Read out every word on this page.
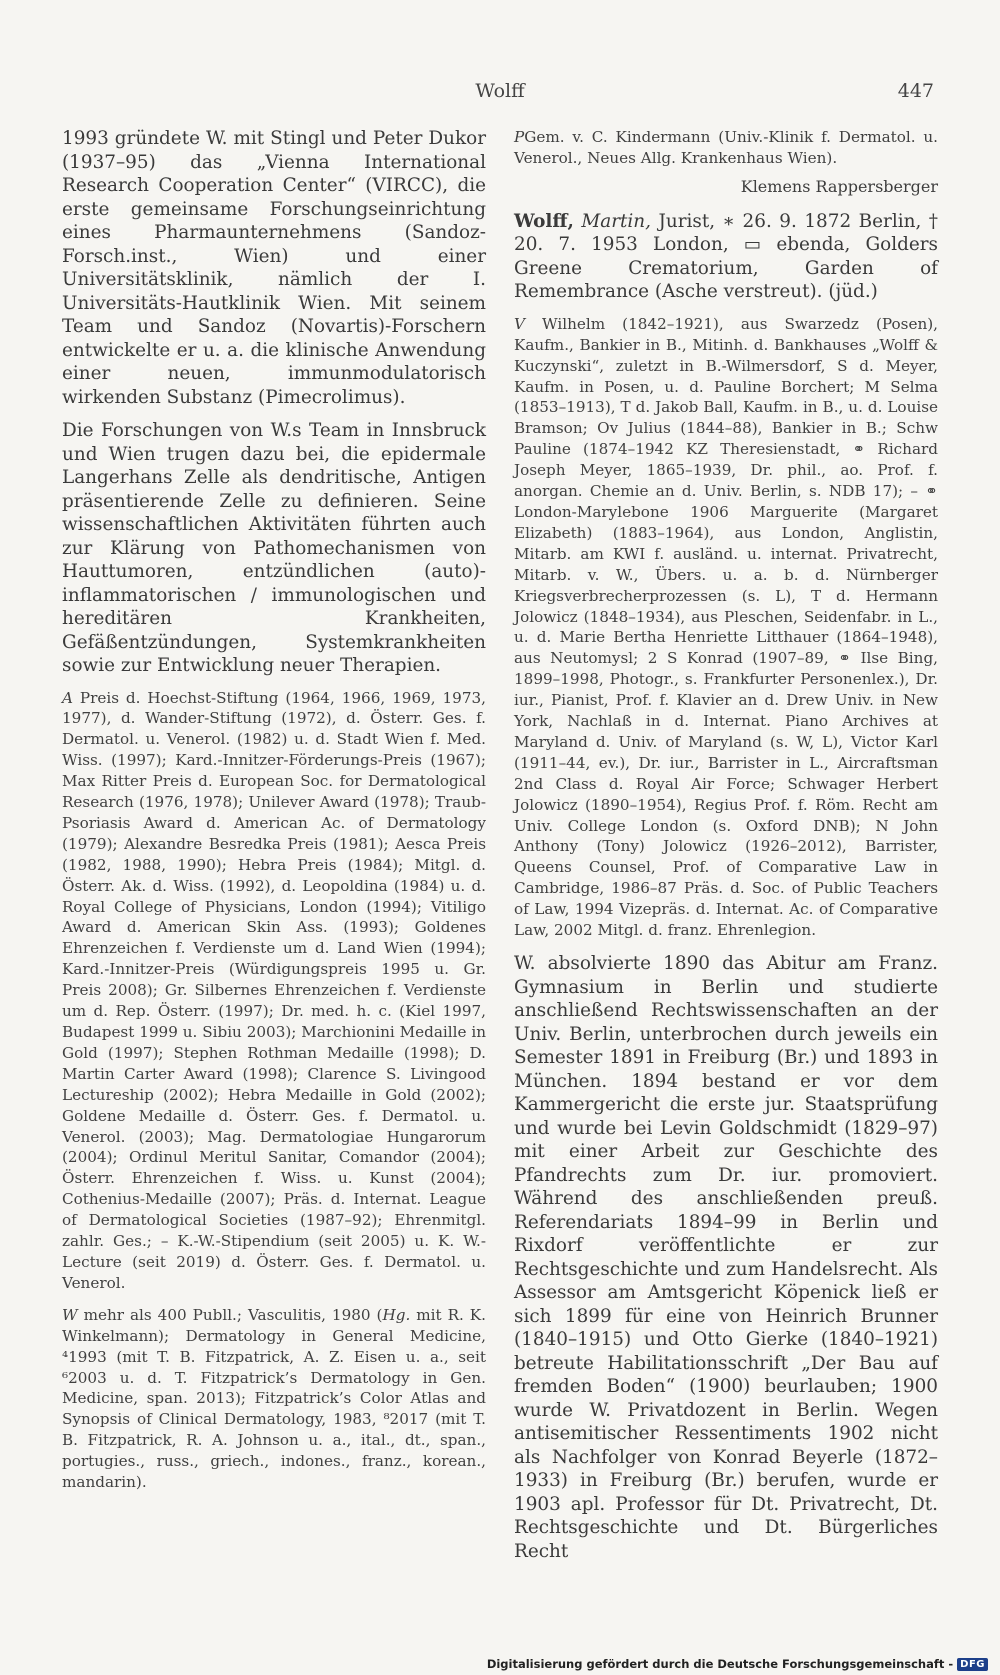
Wolff	447

1993 gründete W. mit Stingl und Peter Dukor (1937–95) das „Vienna International Research Cooperation Center“ (VIRCC), die erste gemeinsame Forschungseinrichtung eines Pharmaunternehmens (Sandoz-Forsch.inst., Wien) und einer Universitätsklinik, nämlich der I. Universitäts-Hautklinik Wien. Mit seinem Team und Sandoz (Novartis)-Forschern entwickelte er u. a. die klinische Anwendung einer neuen, immunmodulatorisch wirkenden Substanz (Pimecrolimus).

Die Forschungen von W.s Team in Innsbruck und Wien trugen dazu bei, die epidermale Langerhans Zelle als dendritische, Antigen präsentierende Zelle zu definieren. Seine wissenschaftlichen Aktivitäten führten auch zur Klärung von Pathomechanismen von Hauttumoren, entzündlichen (auto)-inflammatorischen / immunologischen und hereditären Krankheiten, Gefäßentzündungen, Systemkrankheiten sowie zur Entwicklung neuer Therapien.

A Preis d. Hoechst-Stiftung (1964, 1966, 1969, 1973, 1977), d. Wander-Stiftung (1972), d. Österr. Ges. f. Dermatol. u. Venerol. (1982) u. d. Stadt Wien f. Med. Wiss. (1997); Kard.-Innitzer-Förderungs-Preis (1967); Max Ritter Preis d. European Soc. for Dermatological Research (1976, 1978); Unilever Award (1978); Traub-Psoriasis Award d. American Ac. of Dermatology (1979); Alexandre Besredka Preis (1981); Aesca Preis (1982, 1988, 1990); Hebra Preis (1984); Mitgl. d. Österr. Ak. d. Wiss. (1992), d. Leopoldina (1984) u. d. Royal College of Physicians, London (1994); Vitiligo Award d. American Skin Ass. (1993); Goldenes Ehrenzeichen f. Verdienste um d. Land Wien (1994); Kard.-Innitzer-Preis (Würdigungspreis 1995 u. Gr. Preis 2008); Gr. Silbernes Ehrenzeichen f. Verdienste um d. Rep. Österr. (1997); Dr. med. h. c. (Kiel 1997, Budapest 1999 u. Sibiu 2003); Marchionini Medaille in Gold (1997); Stephen Rothman Medaille (1998); D. Martin Carter Award (1998); Clarence S. Livingood Lectureship (2002); Hebra Medaille in Gold (2002); Goldene Medaille d. Österr. Ges. f. Dermatol. u. Venerol. (2003); Mag. Dermatologiae Hungarorum (2004); Ordinul Meritul Sanitar, Comandor (2004); Österr. Ehrenzeichen f. Wiss. u. Kunst (2004); Cothenius-Medaille (2007); Präs. d. Internat. League of Dermatological Societies (1987–92); Ehrenmitgl. zahlr. Ges.; – K.-W.-Stipendium (seit 2005) u. K. W.-Lecture (seit 2019) d. Österr. Ges. f. Dermatol. u. Venerol.

W mehr als 400 Publl.; Vasculitis, 1980 (Hg. mit R. K. Winkelmann); Dermatology in General Medicine, ⁴1993 (mit T. B. Fitzpatrick, A. Z. Eisen u. a., seit ⁶2003 u. d. T. Fitzpatrick’s Dermatology in Gen. Medicine, span. 2013); Fitzpatrick’s Color Atlas and Synopsis of Clinical Dermatology, 1983, ⁸2017 (mit T. B. Fitzpatrick, R. A. Johnson u. a., ital., dt., span., portugies., russ., griech., indones., franz., korean., mandarin).

PGem. v. C. Kindermann (Univ.-Klinik f. Dermatol. u. Venerol., Neues Allg. Krankenhaus Wien).

Klemens Rappersberger

Wolff, Martin, Jurist, ∗ 26. 9. 1872 Berlin, † 20. 7. 1953 London, ▭ ebenda, Golders Greene Crematorium, Garden of Remembrance (Asche verstreut). (jüd.)

V Wilhelm (1842–1921), aus Swarzedz (Posen), Kaufm., Bankier in B., Mitinh. d. Bankhauses „Wolff & Kuczynski“, zuletzt in B.-Wilmersdorf, S d. Meyer, Kaufm. in Posen, u. d. Pauline Borchert; M Selma (1853–1913), T d. Jakob Ball, Kaufm. in B., u. d. Louise Bramson; Ov Julius (1844–88), Bankier in B.; Schw Pauline (1874–1942 KZ Theresienstadt, ⚭ Richard Joseph Meyer, 1865–1939, Dr. phil., ao. Prof. f. anorgan. Chemie an d. Univ. Berlin, s. NDB 17); – ⚭ London-Marylebone 1906 Marguerite (Margaret Elizabeth) (1883–1964), aus London, Anglistin, Mitarb. am KWI f. ausländ. u. internat. Privatrecht, Mitarb. v. W., Übers. u. a. b. d. Nürnberger Kriegsverbrecherprozessen (s. L), T d. Hermann Jolowicz (1848–1934), aus Pleschen, Seidenfabr. in L., u. d. Marie Bertha Henriette Litthauer (1864–1948), aus Neutomysl; 2 S Konrad (1907–89, ⚭ Ilse Bing, 1899–1998, Photogr., s. Frankfurter Personenlex.), Dr. iur., Pianist, Prof. f. Klavier an d. Drew Univ. in New York, Nachlaß in d. Internat. Piano Archives at Maryland d. Univ. of Maryland (s. W, L), Victor Karl (1911–44, ev.), Dr. iur., Barrister in L., Aircraftsman 2nd Class d. Royal Air Force; Schwager Herbert Jolowicz (1890–1954), Regius Prof. f. Röm. Recht am Univ. College London (s. Oxford DNB); N John Anthony (Tony) Jolowicz (1926–2012), Barrister, Queens Counsel, Prof. of Comparative Law in Cambridge, 1986–87 Präs. d. Soc. of Public Teachers of Law, 1994 Vizepräs. d. Internat. Ac. of Comparative Law, 2002 Mitgl. d. franz. Ehrenlegion.

W. absolvierte 1890 das Abitur am Franz. Gymnasium in Berlin und studierte anschließend Rechtswissenschaften an der Univ. Berlin, unterbrochen durch jeweils ein Semester 1891 in Freiburg (Br.) und 1893 in München. 1894 bestand er vor dem Kammergericht die erste jur. Staatsprüfung und wurde bei Levin Goldschmidt (1829–97) mit einer Arbeit zur Geschichte des Pfandrechts zum Dr. iur. promoviert. Während des anschließenden preuß. Referendariats 1894–99 in Berlin und Rixdorf veröffentlichte er zur Rechtsgeschichte und zum Handelsrecht. Als Assessor am Amtsgericht Köpenick ließ er sich 1899 für eine von Heinrich Brunner (1840–1915) und Otto Gierke (1840–1921) betreute Habilitationsschrift „Der Bau auf fremden Boden“ (1900) beurlauben; 1900 wurde W. Privatdozent in Berlin. Wegen antisemitischer Ressentiments 1902 nicht als Nachfolger von Konrad Beyerle (1872–1933) in Freiburg (Br.) berufen, wurde er 1903 apl. Professor für Dt. Privatrecht, Dt. Rechtsgeschichte und Dt. Bürgerliches Recht

Digitalisierung gefördert durch die Deutsche Forschungsgemeinschaft - DFG
